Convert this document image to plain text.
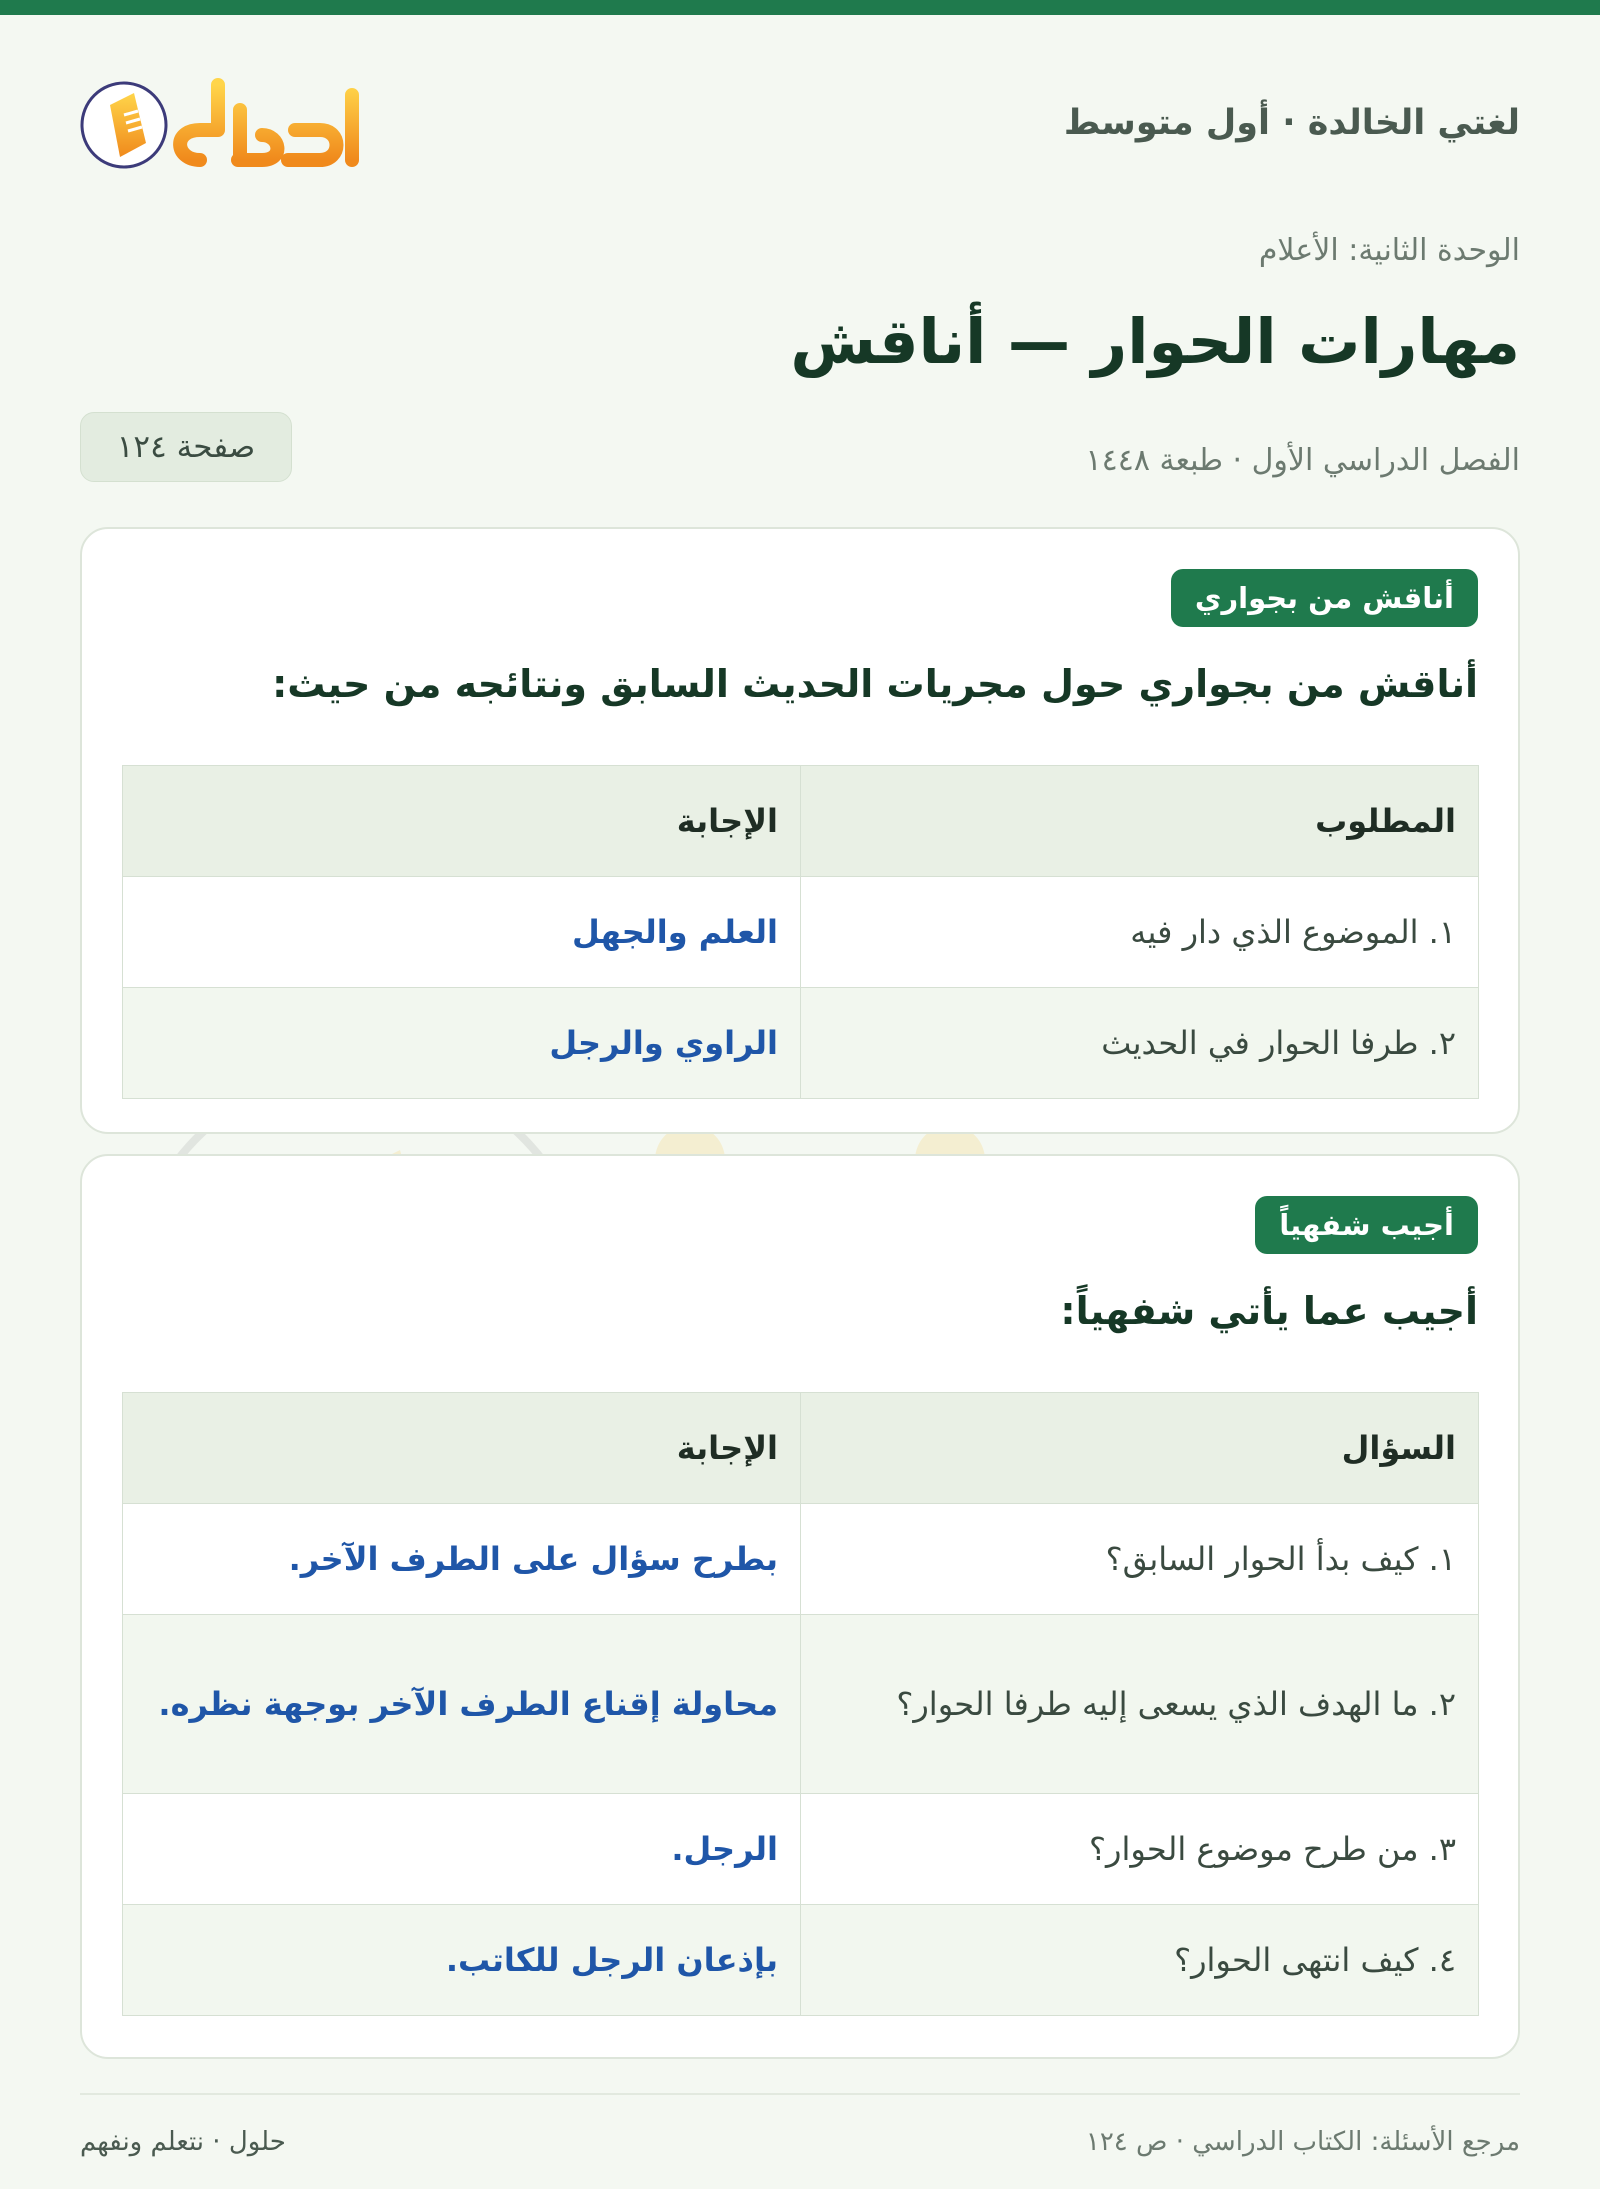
لغتي الخالدة · أول متوسط
الوحدة الثانية: الأعلام
مهارات الحوار — أناقش
الفصل الدراسي الأول · طبعة ١٤٤٨
صفحة ١٢٤
أناقش من بجواري
أناقش من بجواري حول مجريات الحديث السابق ونتائجه من حيث:
المطلوب	الإجابة
١. الموضوع الذي دار فيه	العلم والجهل
٢. طرفا الحوار في الحديث	الراوي والرجل
أجيب شفهياً
أجيب عما يأتي شفهياً:
السؤال	الإجابة
١. كيف بدأ الحوار السابق؟	بطرح سؤال على الطرف الآخر.
٢. ما الهدف الذي يسعى إليه طرفا الحوار؟	محاولة إقناع الطرف الآخر بوجهة نظره.
٣. من طرح موضوع الحوار؟	الرجل.
٤. كيف انتهى الحوار؟	بإذعان الرجل للكاتب.
مرجع الأسئلة: الكتاب الدراسي · ص ١٢٤
حلول · نتعلم ونفهم
